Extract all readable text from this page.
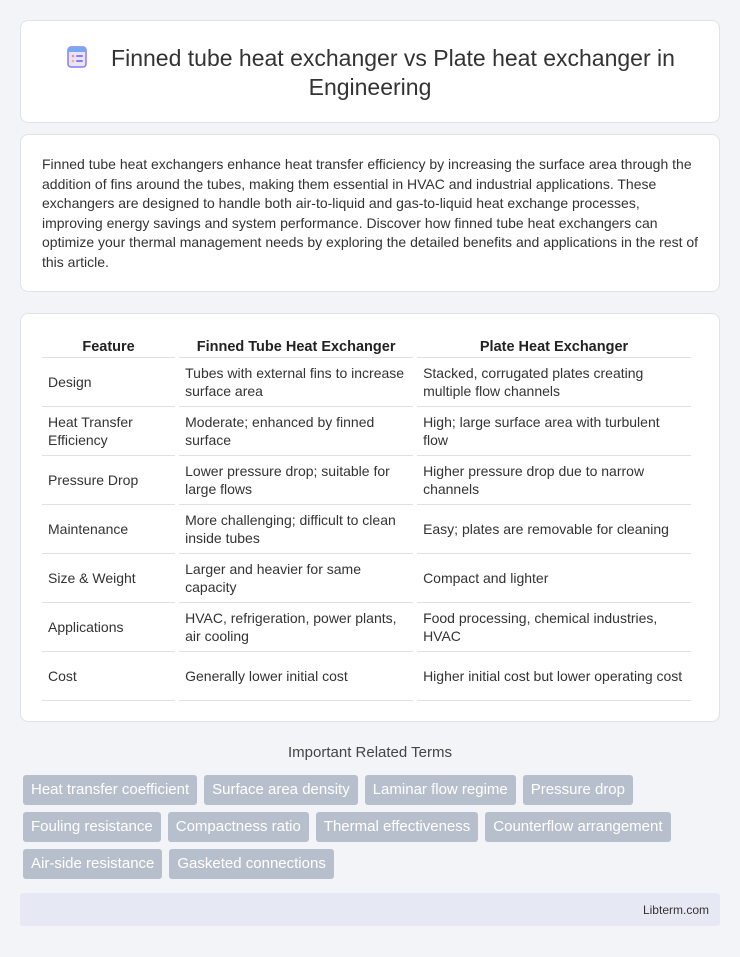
Finned tube heat exchanger vs Plate heat exchanger in Engineering

Finned tube heat exchangers enhance heat transfer efficiency by increasing the surface area through the addition of fins around the tubes, making them essential in HVAC and industrial applications. These exchangers are designed to handle both air-to-liquid and gas-to-liquid heat exchange processes, improving energy savings and system performance. Discover how finned tube heat exchangers can optimize your thermal management needs by exploring the detailed benefits and applications in the rest of this article.

Feature	Finned Tube Heat Exchanger	Plate Heat Exchanger
Design	Tubes with external fins to increase surface area	Stacked, corrugated plates creating multiple flow channels
Heat Transfer Efficiency	Moderate; enhanced by finned surface	High; large surface area with turbulent flow
Pressure Drop	Lower pressure drop; suitable for large flows	Higher pressure drop due to narrow channels
Maintenance	More challenging; difficult to clean inside tubes	Easy; plates are removable for cleaning
Size & Weight	Larger and heavier for same capacity	Compact and lighter
Applications	HVAC, refrigeration, power plants, air cooling	Food processing, chemical industries, HVAC
Cost	Generally lower initial cost	Higher initial cost but lower operating cost
Important Related Terms
Heat transfer coefficient	Surface area density	Laminar flow regime	Pressure drop
Fouling resistance	Compactness ratio	Thermal effectiveness	Counterflow arrangement
Air-side resistance	Gasketed connections
Libterm.com
